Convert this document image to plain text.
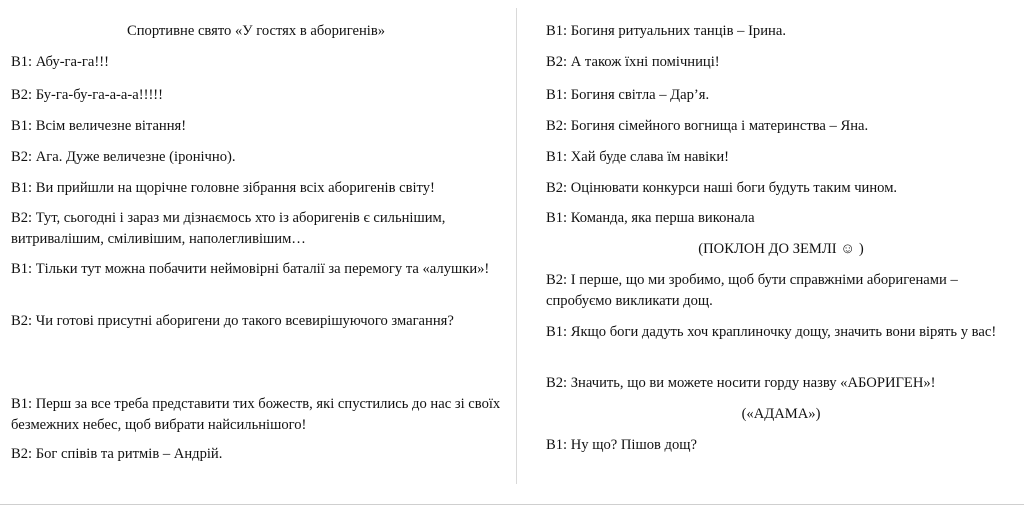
Спортивне свято «У гостях в аборигенів»
В1: Абу-га-га!!!
В2: Бу-га-бу-га-а-а-а!!!!!
В1: Всім величезне вітання!
В2: Ага. Дуже величезне (іронічно).
В1: Ви прийшли на щорічне головне зібрання всіх аборигенів світу!
В2: Тут, сьогодні і зараз ми дізнаємось хто із аборигенів є сильнішим, витривалішим, сміливішим, наполегливішим…
В1: Тільки тут можна побачити неймовірні баталії за перемогу та «алушки»!
В2: Чи готові присутні аборигени до такого всевирішуючого змагання?
В1: Перш за все треба представити тих божеств, які спустились до нас зі своїх безмежних небес, щоб вибрати найсильнішого!
В2: Бог співів та ритмів – Андрій.
В1: Богиня ритуальних танців – Ірина.
В2: А також їхні помічниці!
В1: Богиня світла – Дар’я.
В2: Богиня сімейного вогнища і материнства – Яна.
В1: Хай буде слава їм навіки!
В2: Оцінювати конкурси наші боги будуть таким чином.
В1: Команда, яка перша виконала
(ПОКЛОН ДО ЗЕМЛІ ☺ )
В2: І перше, що ми зробимо, щоб бути справжніми аборигенами – спробуємо викликати дощ.
В1: Якщо боги дадуть хоч краплиночку дощу, значить вони вірять у вас!
В2: Значить, що ви можете носити горду назву «АБОРИГЕН»!
(«АДАМА»)
В1: Ну що? Пішов дощ?
